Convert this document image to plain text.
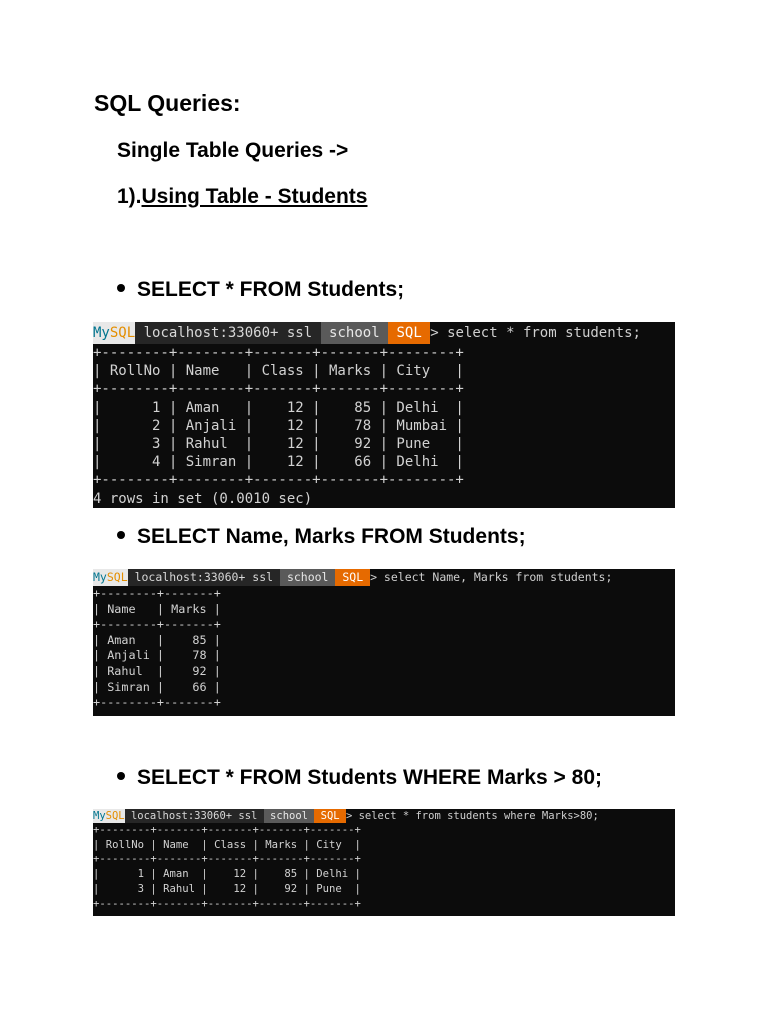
SQL Queries:
Single Table Queries ->
1).Using Table - Students
SELECT * FROM Students;
MySQL localhost:33060+ ssl	school	SQL > select * from students;
+--------+--------+-------+-------+--------+
| RollNo | Name   | Class | Marks | City   |
+--------+--------+-------+-------+--------+
|      1 | Aman   |    12 |    85 | Delhi  |
|      2 | Anjali |    12 |    78 | Mumbai |
|      3 | Rahul  |    12 |    92 | Pune   |
|      4 | Simran |    12 |    66 | Delhi  |
+--------+--------+-------+-------+--------+
4 rows in set (0.0010 sec)
SELECT Name, Marks FROM Students;
MySQL localhost:33060+ ssl	school	SQL > select Name, Marks from students;
+--------+-------+
| Name   | Marks |
+--------+-------+
| Aman   |    85 |
| Anjali |    78 |
| Rahul  |    92 |
| Simran |    66 |
+--------+-------+
SELECT * FROM Students WHERE Marks > 80;
MySQL localhost:33060+ ssl	school	SQL > select * from students where Marks>80;
+--------+-------+-------+-------+-------+
| RollNo | Name  | Class | Marks | City  |
+--------+-------+-------+-------+-------+
|      1 | Aman  |    12 |    85 | Delhi |
|      3 | Rahul |    12 |    92 | Pune  |
+--------+-------+-------+-------+-------+
